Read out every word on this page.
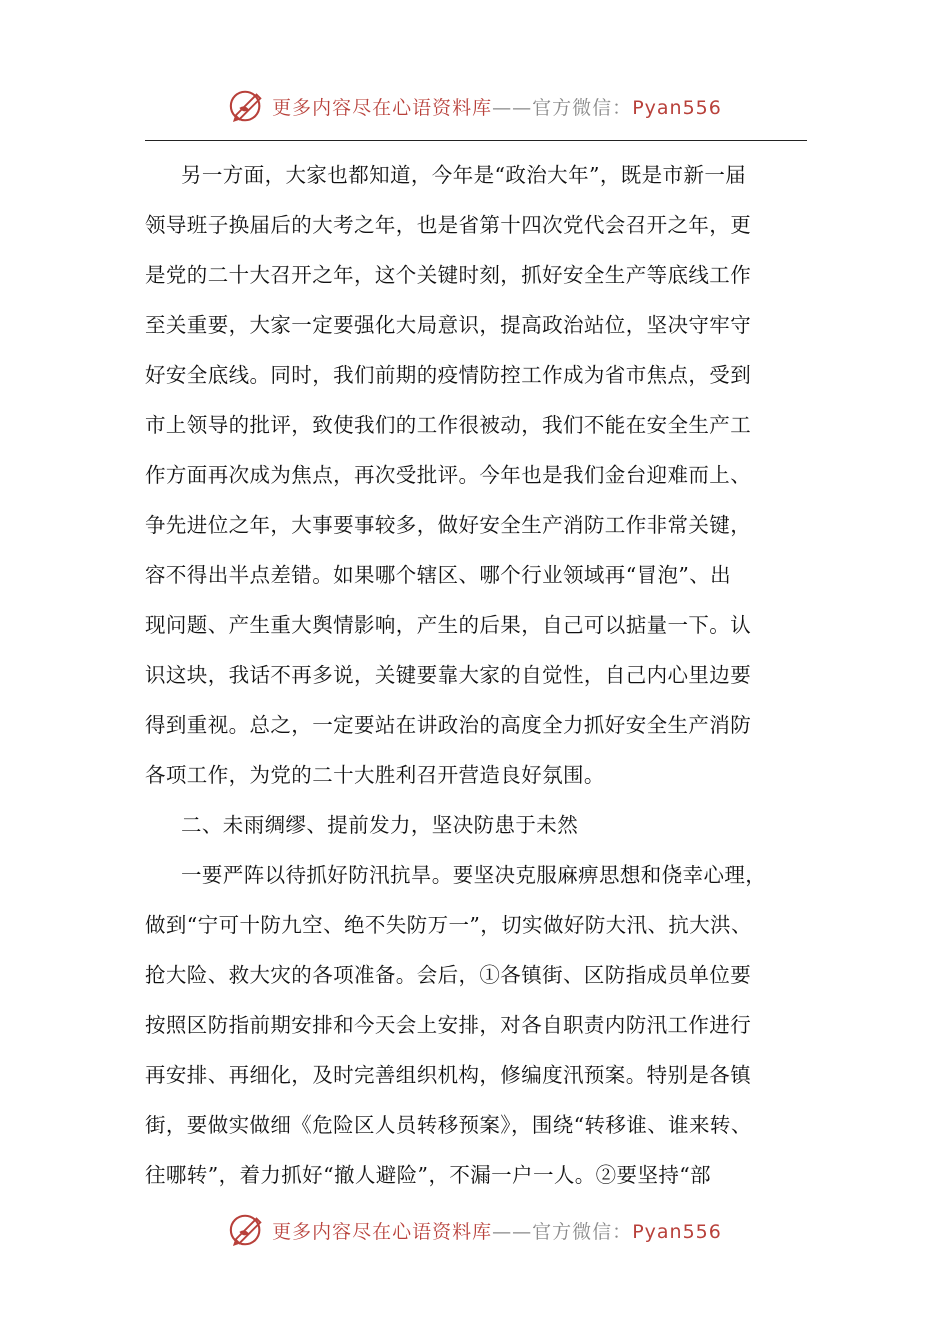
更多内容尽在心语资料库——官方微信：Pyan556
另一方面，大家也都知道，今年是“政治大年”，既是市新一届
领导班子换届后的大考之年，也是省第十四次党代会召开之年，更
是党的二十大召开之年，这个关键时刻，抓好安全生产等底线工作
至关重要，大家一定要强化大局意识，提高政治站位，坚决守牢守
好安全底线。同时，我们前期的疫情防控工作成为省市焦点，受到
市上领导的批评，致使我们的工作很被动，我们不能在安全生产工
作方面再次成为焦点，再次受批评。今年也是我们金台迎难而上、
争先进位之年，大事要事较多，做好安全生产消防工作非常关键，
容不得出半点差错。如果哪个辖区、哪个行业领域再“冒泡”、出
现问题、产生重大舆情影响，产生的后果，自己可以掂量一下。认
识这块，我话不再多说，关键要靠大家的自觉性，自己内心里边要
得到重视。总之，一定要站在讲政治的高度全力抓好安全生产消防
各项工作，为党的二十大胜利召开营造良好氛围。
二、未雨绸缪、提前发力，坚决防患于未然
一要严阵以待抓好防汛抗旱。要坚决克服麻痹思想和侥幸心理，
做到“宁可十防九空、绝不失防万一”，切实做好防大汛、抗大洪、
抢大险、救大灾的各项准备。会后，①各镇街、区防指成员单位要
按照区防指前期安排和今天会上安排，对各自职责内防汛工作进行
再安排、再细化，及时完善组织机构，修编度汛预案。特别是各镇
街，要做实做细《危险区人员转移预案》，围绕“转移谁、谁来转、
往哪转”，着力抓好“撤人避险”，不漏一户一人。②要坚持“部
更多内容尽在心语资料库——官方微信：Pyan556
